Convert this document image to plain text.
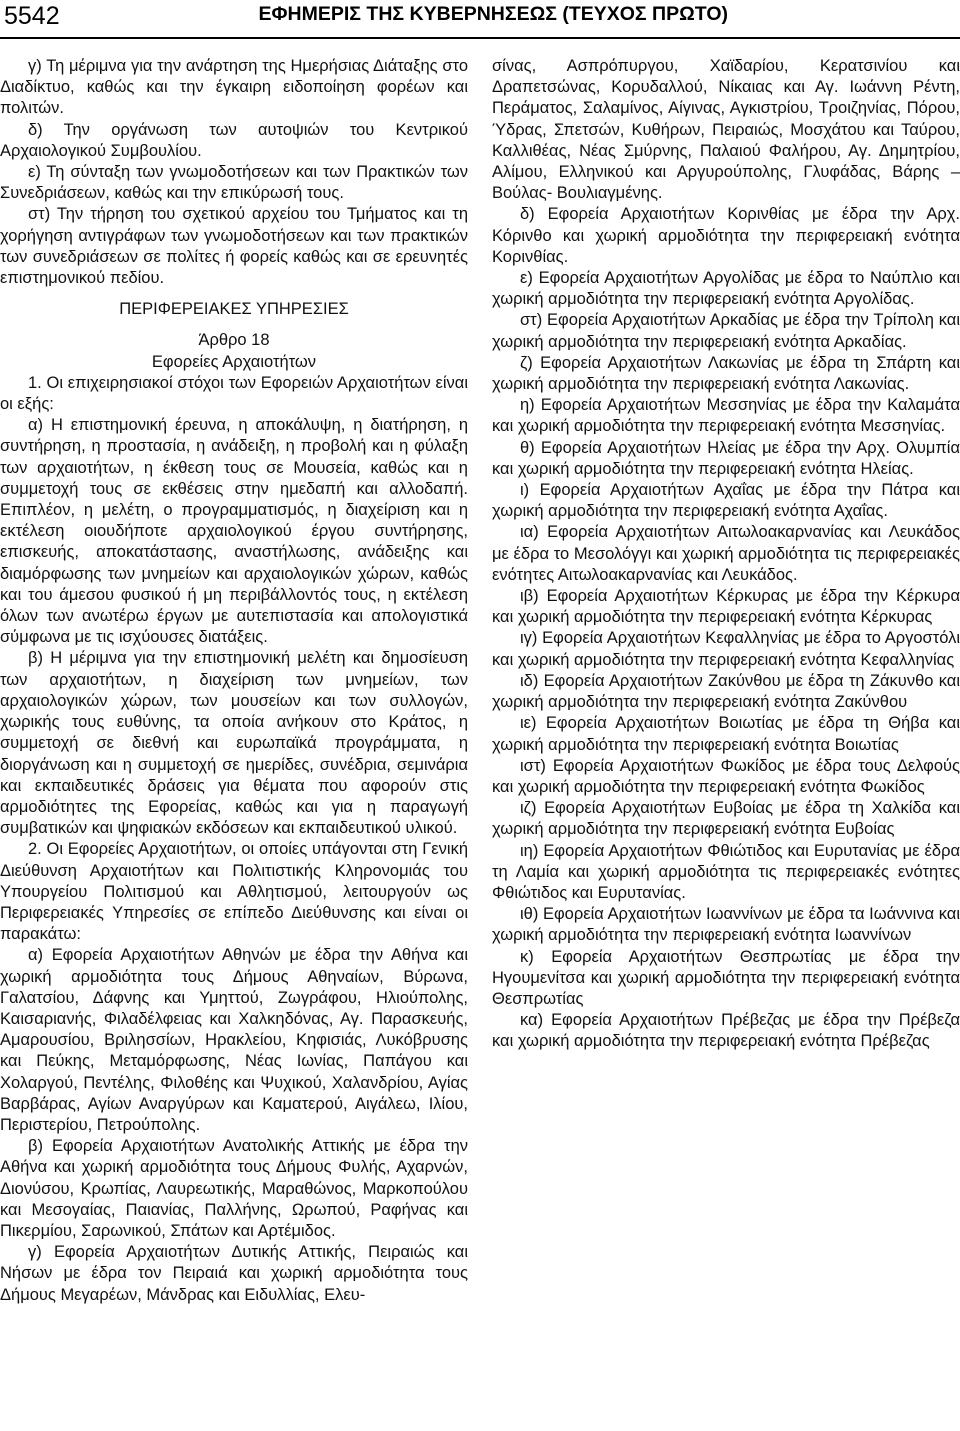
5542	ΕΦΗΜΕΡΙΣ ΤΗΣ ΚΥΒΕΡΝΗΣΕΩΣ (ΤΕΥΧΟΣ ΠΡΩΤΟ)

γ) Τη μέριμνα για την ανάρτηση της Ημερήσιας Διάταξης στο Διαδίκτυο, καθώς και την έγκαιρη ειδοποίηση φορέων και πολιτών.

δ) Την οργάνωση των αυτοψιών του Κεντρικού Αρχαιολογικού Συμβουλίου.

ε) Τη σύνταξη των γνωμοδοτήσεων και των Πρακτικών των Συνεδριάσεων, καθώς και την επικύρωσή τους.

στ) Την τήρηση του σχετικού αρχείου του Τμήματος και τη χορήγηση αντιγράφων των γνωμοδοτήσεων και των πρακτικών των συνεδριάσεων σε πολίτες ή φορείς καθώς και σε ερευνητές επιστημονικού πεδίου.

ΠΕΡΙΦΕΡΕΙΑΚΕΣ ΥΠΗΡΕΣΙΕΣ

Άρθρο 18

Εφορείες Αρχαιοτήτων

1. Οι επιχειρησιακοί στόχοι των Εφορειών Αρχαιοτήτων είναι οι εξής:

α) Η επιστημονική έρευνα, η αποκάλυψη, η διατήρηση, η συντήρηση, η προστασία, η ανάδειξη, η προβολή και η φύλαξη των αρχαιοτήτων, η έκθεση τους σε Μουσεία, καθώς και η συμμετοχή τους σε εκθέσεις στην ημεδαπή και αλλοδαπή. Επιπλέον, η μελέτη, ο προγραμματισμός, η διαχείριση και η εκτέλεση οιουδήποτε αρχαιολογικού έργου συντήρησης, επισκευής, αποκατάστασης, αναστήλωσης, ανάδειξης και διαμόρφωσης των μνημείων και αρχαιολογικών χώρων, καθώς και του άμεσου φυσικού ή μη περιβάλλοντός τους, η εκτέλεση όλων των ανωτέρω έργων με αυτεπιστασία και απολογιστικά σύμφωνα με τις ισχύουσες διατάξεις.

β) Η μέριμνα για την επιστημονική μελέτη και δημοσίευση των αρχαιοτήτων, η διαχείριση των μνημείων, των αρχαιολογικών χώρων, των μουσείων και των συλλογών, χωρικής τους ευθύνης, τα οποία ανήκουν στο Κράτος, η συμμετοχή σε διεθνή και ευρωπαϊκά προγράμματα, η διοργάνωση και η συμμετοχή σε ημερίδες, συνέδρια, σεμινάρια και εκπαιδευτικές δράσεις για θέματα που αφορούν στις αρμοδιότητες της Εφορείας, καθώς και για η παραγωγή συμβατικών και ψηφιακών εκδόσεων και εκπαιδευτικού υλικού.

2. Οι Εφορείες Αρχαιοτήτων, οι οποίες υπάγονται στη Γενική Διεύθυνση Αρχαιοτήτων και Πολιτιστικής Κληρονομιάς του Υπουργείου Πολιτισμού και Αθλητισμού, λειτουργούν ως Περιφερειακές Υπηρεσίες σε επίπεδο Διεύθυνσης και είναι οι παρακάτω:

α) Εφορεία Αρχαιοτήτων Αθηνών με έδρα την Αθήνα και χωρική αρμοδιότητα τους Δήμους Αθηναίων, Βύρωνα, Γαλατσίου, Δάφνης και Υμηττού, Ζωγράφου, Ηλιούπολης, Καισαριανής, Φιλαδέλφειας και Χαλκηδόνας, Αγ. Παρασκευής, Αμαρουσίου, Βριλησσίων, Ηρακλείου, Κηφισιάς, Λυκόβρυσης και Πεύκης, Μεταμόρφωσης, Νέας Ιωνίας, Παπάγου και Χολαργού, Πεντέλης, Φιλοθέης και Ψυχικού, Χαλανδρίου, Αγίας Βαρβάρας, Αγίων Αναργύρων και Καματερού, Αιγάλεω, Ιλίου, Περιστερίου, Πετρούπολης.

β) Εφορεία Αρχαιοτήτων Ανατολικής Αττικής με έδρα την Αθήνα και χωρική αρμοδιότητα τους Δήμους Φυλής, Αχαρνών, Διονύσου, Κρωπίας, Λαυρεωτικής, Μαραθώνος, Μαρκοπούλου και Μεσογαίας, Παιανίας, Παλλήνης, Ωρωπού, Ραφήνας και Πικερμίου, Σαρωνικού, Σπάτων και Αρτέμιδος.

γ) Εφορεία Αρχαιοτήτων Δυτικής Αττικής, Πειραιώς και Νήσων με έδρα τον Πειραιά και χωρική αρμοδιότητα τους Δήμους Μεγαρέων, Μάνδρας και Ειδυλλίας, Ελευ-

σίνας, Ασπρόπυργου, Χαϊδαρίου, Κερατσινίου και Δραπετσώνας, Κορυδαλλού, Νίκαιας και Αγ. Ιωάννη Ρέντη, Περάματος, Σαλαμίνος, Αίγινας, Αγκιστρίου, Τροιζηνίας, Πόρου, Ύδρας, Σπετσών, Κυθήρων, Πειραιώς, Μοσχάτου και Ταύρου, Καλλιθέας, Νέας Σμύρνης, Παλαιού Φαλήρου, Αγ. Δημητρίου, Αλίμου, Ελληνικού και Αργυρούπολης, Γλυφάδας, Βάρης – Βούλας- Βουλιαγμένης.

δ) Εφορεία Αρχαιοτήτων Κορινθίας με έδρα την Αρχ. Κόρινθο και χωρική αρμοδιότητα την περιφερειακή ενότητα Κορινθίας.

ε) Εφορεία Αρχαιοτήτων Αργολίδας με έδρα το Ναύπλιο και χωρική αρμοδιότητα την περιφερειακή ενότητα Αργολίδας.

στ) Εφορεία Αρχαιοτήτων Αρκαδίας με έδρα την Τρίπολη και χωρική αρμοδιότητα την περιφερειακή ενότητα Αρκαδίας.

ζ) Εφορεία Αρχαιοτήτων Λακωνίας με έδρα τη Σπάρτη και χωρική αρμοδιότητα την περιφερειακή ενότητα Λακωνίας.

η) Εφορεία Αρχαιοτήτων Μεσσηνίας με έδρα την Καλαμάτα και χωρική αρμοδιότητα την περιφερειακή ενότητα Μεσσηνίας.

θ) Εφορεία Αρχαιοτήτων Ηλείας με έδρα την Αρχ. Ολυμπία και χωρική αρμοδιότητα την περιφερειακή ενότητα Ηλείας.

ι) Εφορεία Αρχαιοτήτων Αχαΐας με έδρα την Πάτρα και χωρική αρμοδιότητα την περιφερειακή ενότητα Αχαΐας.

ια) Εφορεία Αρχαιοτήτων Αιτωλοακαρνανίας και Λευκάδος με έδρα το Μεσολόγγι και χωρική αρμοδιότητα τις περιφερειακές ενότητες Αιτωλοακαρνανίας και Λευκάδος.

ιβ) Εφορεία Αρχαιοτήτων Κέρκυρας με έδρα την Κέρκυρα και χωρική αρμοδιότητα την περιφερειακή ενότητα Κέρκυρας

ιγ) Εφορεία Αρχαιοτήτων Κεφαλληνίας με έδρα το Αργοστόλι και χωρική αρμοδιότητα την περιφερειακή ενότητα Κεφαλληνίας

ιδ) Εφορεία Αρχαιοτήτων Ζακύνθου με έδρα τη Ζάκυνθο και χωρική αρμοδιότητα την περιφερειακή ενότητα Ζακύνθου

ιε) Εφορεία Αρχαιοτήτων Βοιωτίας με έδρα τη Θήβα και χωρική αρμοδιότητα την περιφερειακή ενότητα Βοιωτίας

ιστ) Εφορεία Αρχαιοτήτων Φωκίδος με έδρα τους Δελφούς και χωρική αρμοδιότητα την περιφερειακή ενότητα Φωκίδος

ιζ) Εφορεία Αρχαιοτήτων Ευβοίας με έδρα τη Χαλκίδα και χωρική αρμοδιότητα την περιφερειακή ενότητα Ευβοίας

ιη) Εφορεία Αρχαιοτήτων Φθιώτιδος και Ευρυτανίας με έδρα τη Λαμία και χωρική αρμοδιότητα τις περιφερειακές ενότητες Φθιώτιδος και Ευρυτανίας.

ιθ) Εφορεία Αρχαιοτήτων Ιωαννίνων με έδρα τα Ιωάννινα και χωρική αρμοδιότητα την περιφερειακή ενότητα Ιωαννίνων

κ) Εφορεία Αρχαιοτήτων Θεσπρωτίας με έδρα την Ηγουμενίτσα και χωρική αρμοδιότητα την περιφερειακή ενότητα Θεσπρωτίας

κα) Εφορεία Αρχαιοτήτων Πρέβεζας με έδρα την Πρέβεζα και χωρική αρμοδιότητα την περιφερειακή ενότητα Πρέβεζας
